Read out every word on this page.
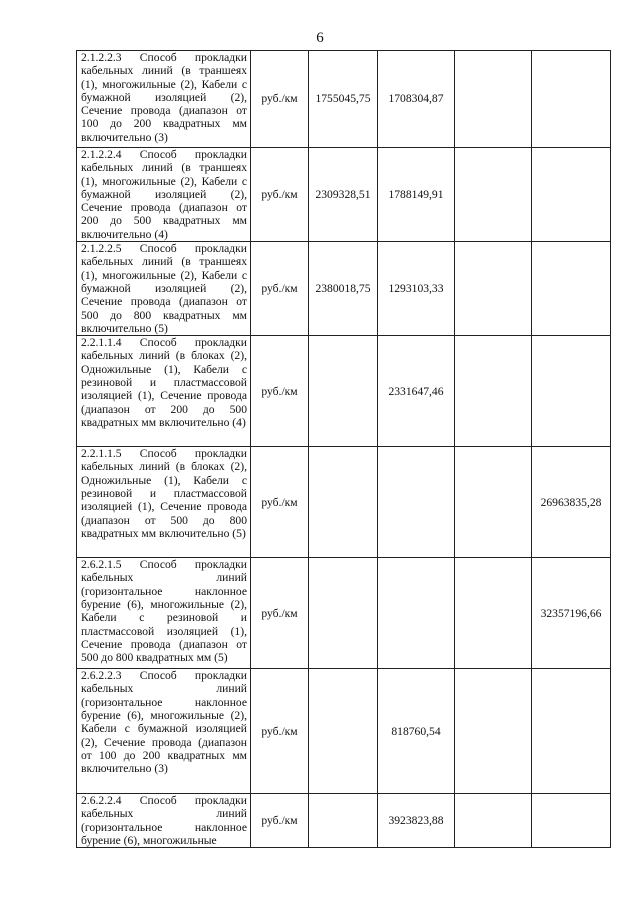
6
2.1.2.2.3 Способ прокладки кабельных линий (в траншеях (1), многожильные (2), Кабели с бумажной изоляцией (2), Сечение провода (диапазон от 100 до 200 квадратных мм включительно (3)	руб./км	1755045,75	1708304,87		
2.1.2.2.4 Способ прокладки кабельных линий (в траншеях (1), многожильные (2), Кабели с бумажной изоляцией (2), Сечение провода (диапазон от 200 до 500 квадратных мм включительно (4)	руб./км	2309328,51	1788149,91		
2.1.2.2.5 Способ прокладки кабельных линий (в траншеях (1), многожильные (2), Кабели с бумажной изоляцией (2), Сечение провода (диапазон от 500 до 800 квадратных мм включительно (5)	руб./км	2380018,75	1293103,33		
2.2.1.1.4 Способ прокладки кабельных линий (в блоках (2), Одножильные (1), Кабели с резиновой и пластмассовой изоляцией (1), Сечение провода (диапазон от 200 до 500 квадратных мм включительно (4)	руб./км		2331647,46		
2.2.1.1.5 Способ прокладки кабельных линий (в блоках (2), Одножильные (1), Кабели с резиновой и пластмассовой изоляцией (1), Сечение провода (диапазон от 500 до 800 квадратных мм включительно (5)	руб./км				26963835,28
2.6.2.1.5 Способ прокладки кабельных линий (горизонтальное наклонное бурение (6), многожильные (2), Кабели с резиновой и пластмассовой изоляцией (1), Сечение провода (диапазон от 500 до 800 квадратных мм (5)	руб./км				32357196,66
2.6.2.2.3 Способ прокладки кабельных линий (горизонтальное наклонное бурение (6), многожильные (2), Кабели с бумажной изоляцией (2), Сечение провода (диапазон от 100 до 200 квадратных мм включительно (3)	руб./км		818760,54		
2.6.2.2.4 Способ прокладки кабельных линий (горизонтальное наклонное бурение (6), многожильные	руб./км		3923823,88		
